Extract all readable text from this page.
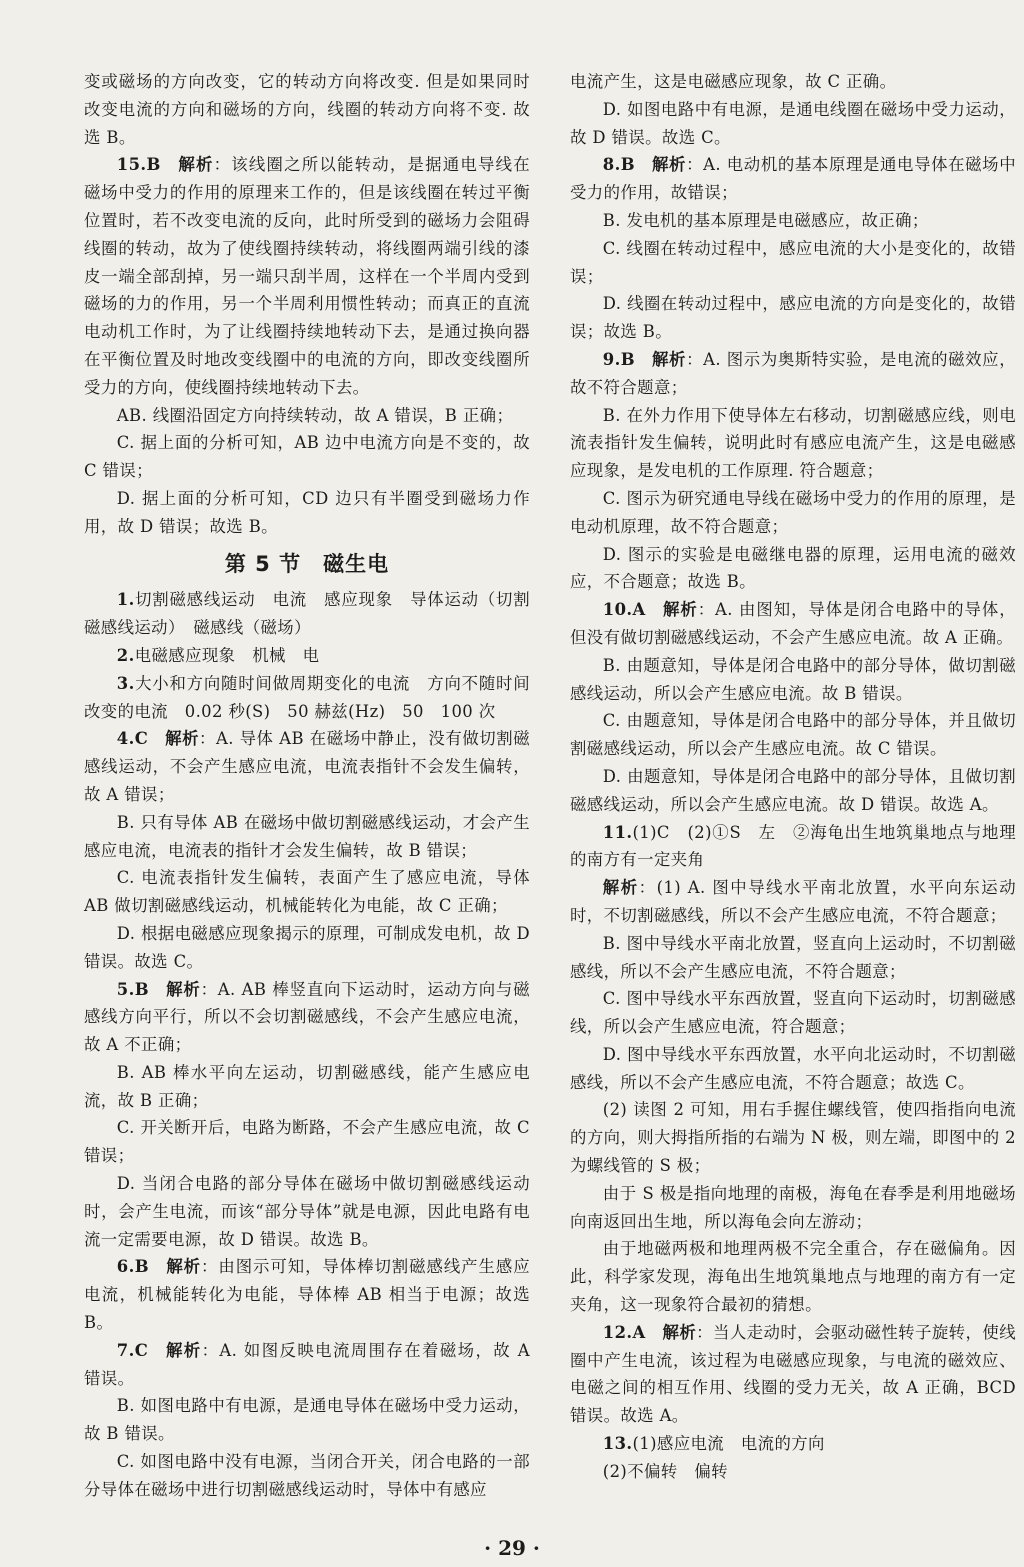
变或磁场的方向改变，它的转动方向将改变. 但是如果同时改变电流的方向和磁场的方向，线圈的转动方向将不变. 故选 B。

15.B  解析：该线圈之所以能转动，是据通电导线在磁场中受力的作用的原理来工作的，但是该线圈在转过平衡位置时，若不改变电流的反向，此时所受到的磁场力会阻碍线圈的转动，故为了使线圈持续转动，将线圈两端引线的漆皮一端全部刮掉，另一端只刮半周，这样在一个半周内受到磁场的力的作用，另一个半周利用惯性转动；而真正的直流电动机工作时，为了让线圈持续地转动下去，是通过换向器在平衡位置及时地改变线圈中的电流的方向，即改变线圈所受力的方向，使线圈持续地转动下去。

AB. 线圈沿固定方向持续转动，故 A 错误，B 正确；

C. 据上面的分析可知，AB 边中电流方向是不变的，故 C 错误；

D. 据上面的分析可知，CD 边只有半圈受到磁场力作用，故 D 错误；故选 B。

第 5 节 磁生电

1.切割磁感线运动　电流　感应现象　导体运动（切割磁感线运动）　磁感线（磁场）

2.电磁感应现象　机械　电

3.大小和方向随时间做周期变化的电流　方向不随时间改变的电流　0.02 秒(S)　50 赫兹(Hz)　50　100 次

4.C  解析：A. 导体 AB 在磁场中静止，没有做切割磁感线运动，不会产生感应电流，电流表指针不会发生偏转，故 A 错误；

B. 只有导体 AB 在磁场中做切割磁感线运动，才会产生感应电流，电流表的指针才会发生偏转，故 B 错误；

C. 电流表指针发生偏转，表面产生了感应电流，导体 AB 做切割磁感线运动，机械能转化为电能，故 C 正确；

D. 根据电磁感应现象揭示的原理，可制成发电机，故 D 错误。故选 C。

5.B  解析：A. AB 棒竖直向下运动时，运动方向与磁感线方向平行，所以不会切割磁感线，不会产生感应电流，故 A 不正确；

B. AB 棒水平向左运动，切割磁感线，能产生感应电流，故 B 正确；

C. 开关断开后，电路为断路，不会产生感应电流，故 C 错误；

D. 当闭合电路的部分导体在磁场中做切割磁感线运动时，会产生电流，而该“部分导体”就是电源，因此电路有电流一定需要电源，故 D 错误。故选 B。

6.B  解析：由图示可知，导体棒切割磁感线产生感应电流，机械能转化为电能，导体棒 AB 相当于电源；故选 B。

7.C  解析：A. 如图反映电流周围存在着磁场，故 A 错误。

B. 如图电路中有电源，是通电导体在磁场中受力运动，故 B 错误。

C. 如图电路中没有电源，当闭合开关，闭合电路的一部分导体在磁场中进行切割磁感线运动时，导体中有感应

电流产生，这是电磁感应现象，故 C 正确。

D. 如图电路中有电源，是通电线圈在磁场中受力运动，故 D 错误。故选 C。

8.B  解析：A. 电动机的基本原理是通电导体在磁场中受力的作用，故错误；

B. 发电机的基本原理是电磁感应，故正确；

C. 线圈在转动过程中，感应电流的大小是变化的，故错误；

D. 线圈在转动过程中，感应电流的方向是变化的，故错误；故选 B。

9.B  解析：A. 图示为奥斯特实验，是电流的磁效应，故不符合题意；

B. 在外力作用下使导体左右移动，切割磁感应线，则电流表指针发生偏转，说明此时有感应电流产生，这是电磁感应现象，是发电机的工作原理. 符合题意；

C. 图示为研究通电导线在磁场中受力的作用的原理，是电动机原理，故不符合题意；

D. 图示的实验是电磁继电器的原理，运用电流的磁效应，不合题意；故选 B。

10.A  解析：A. 由图知，导体是闭合电路中的导体，但没有做切割磁感线运动，不会产生感应电流。故 A 正确。

B. 由题意知，导体是闭合电路中的部分导体，做切割磁感线运动，所以会产生感应电流。故 B 错误。

C. 由题意知，导体是闭合电路中的部分导体，并且做切割磁感线运动，所以会产生感应电流。故 C 错误。

D. 由题意知，导体是闭合电路中的部分导体，且做切割磁感线运动，所以会产生感应电流。故 D 错误。故选 A。

11.(1)C　(2)①S　左　②海龟出生地筑巢地点与地理的南方有一定夹角

解析：(1) A. 图中导线水平南北放置，水平向东运动时，不切割磁感线，所以不会产生感应电流，不符合题意；

B. 图中导线水平南北放置，竖直向上运动时，不切割磁感线，所以不会产生感应电流，不符合题意；

C. 图中导线水平东西放置，竖直向下运动时，切割磁感线，所以会产生感应电流，符合题意；

D. 图中导线水平东西放置，水平向北运动时，不切割磁感线，所以不会产生感应电流，不符合题意；故选 C。

(2) 读图 2 可知，用右手握住螺线管，使四指指向电流的方向，则大拇指所指的右端为 N 极，则左端，即图中的 2 为螺线管的 S 极；

由于 S 极是指向地理的南极，海龟在春季是利用地磁场向南返回出生地，所以海龟会向左游动；

由于地磁两极和地理两极不完全重合，存在磁偏角。因此，科学家发现，海龟出生地筑巢地点与地理的南方有一定夹角，这一现象符合最初的猜想。

12.A  解析：当人走动时，会驱动磁性转子旋转，使线圈中产生电流，该过程为电磁感应现象，与电流的磁效应、电磁之间的相互作用、线圈的受力无关，故 A 正确，BCD 错误。故选 A。

13.(1)感应电流　电流的方向

(2)不偏转　偏转

· 29 ·
